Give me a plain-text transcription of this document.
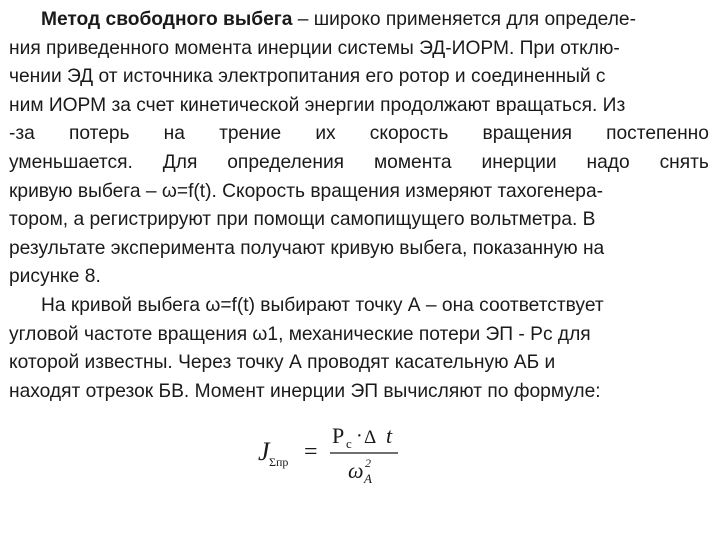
Метод свободного выбега – широко применяется для определе-
ния приведенного момента инерции системы ЭД-ИОРМ. При отклю-
чении ЭД от источника электропитания его ротор и соединенный с
ним ИОРМ за счет кинетической энергии продолжают вращаться. Из
-за потерь на трение их скорость вращения постепенно
уменьшается. Для определения момента инерции надо снять
кривую выбега – ω=f(t). Скорость вращения измеряют тахогенера-
тором, а регистрируют при помощи самопищущего вольтметра. В
результате эксперимента получают кривую выбега, показанную на
рисунке 8.
На кривой выбега ω=f(t) выбирают точку А – она соответствует
угловой частоте вращения ω1, механические потери ЭП - Рс для
которой известны. Через точку А проводят касательную АБ и
находят отрезок БВ. Момент инерции ЭП вычисляют по формуле:
J Σпр =
P c · Δ t
ω 2
A
